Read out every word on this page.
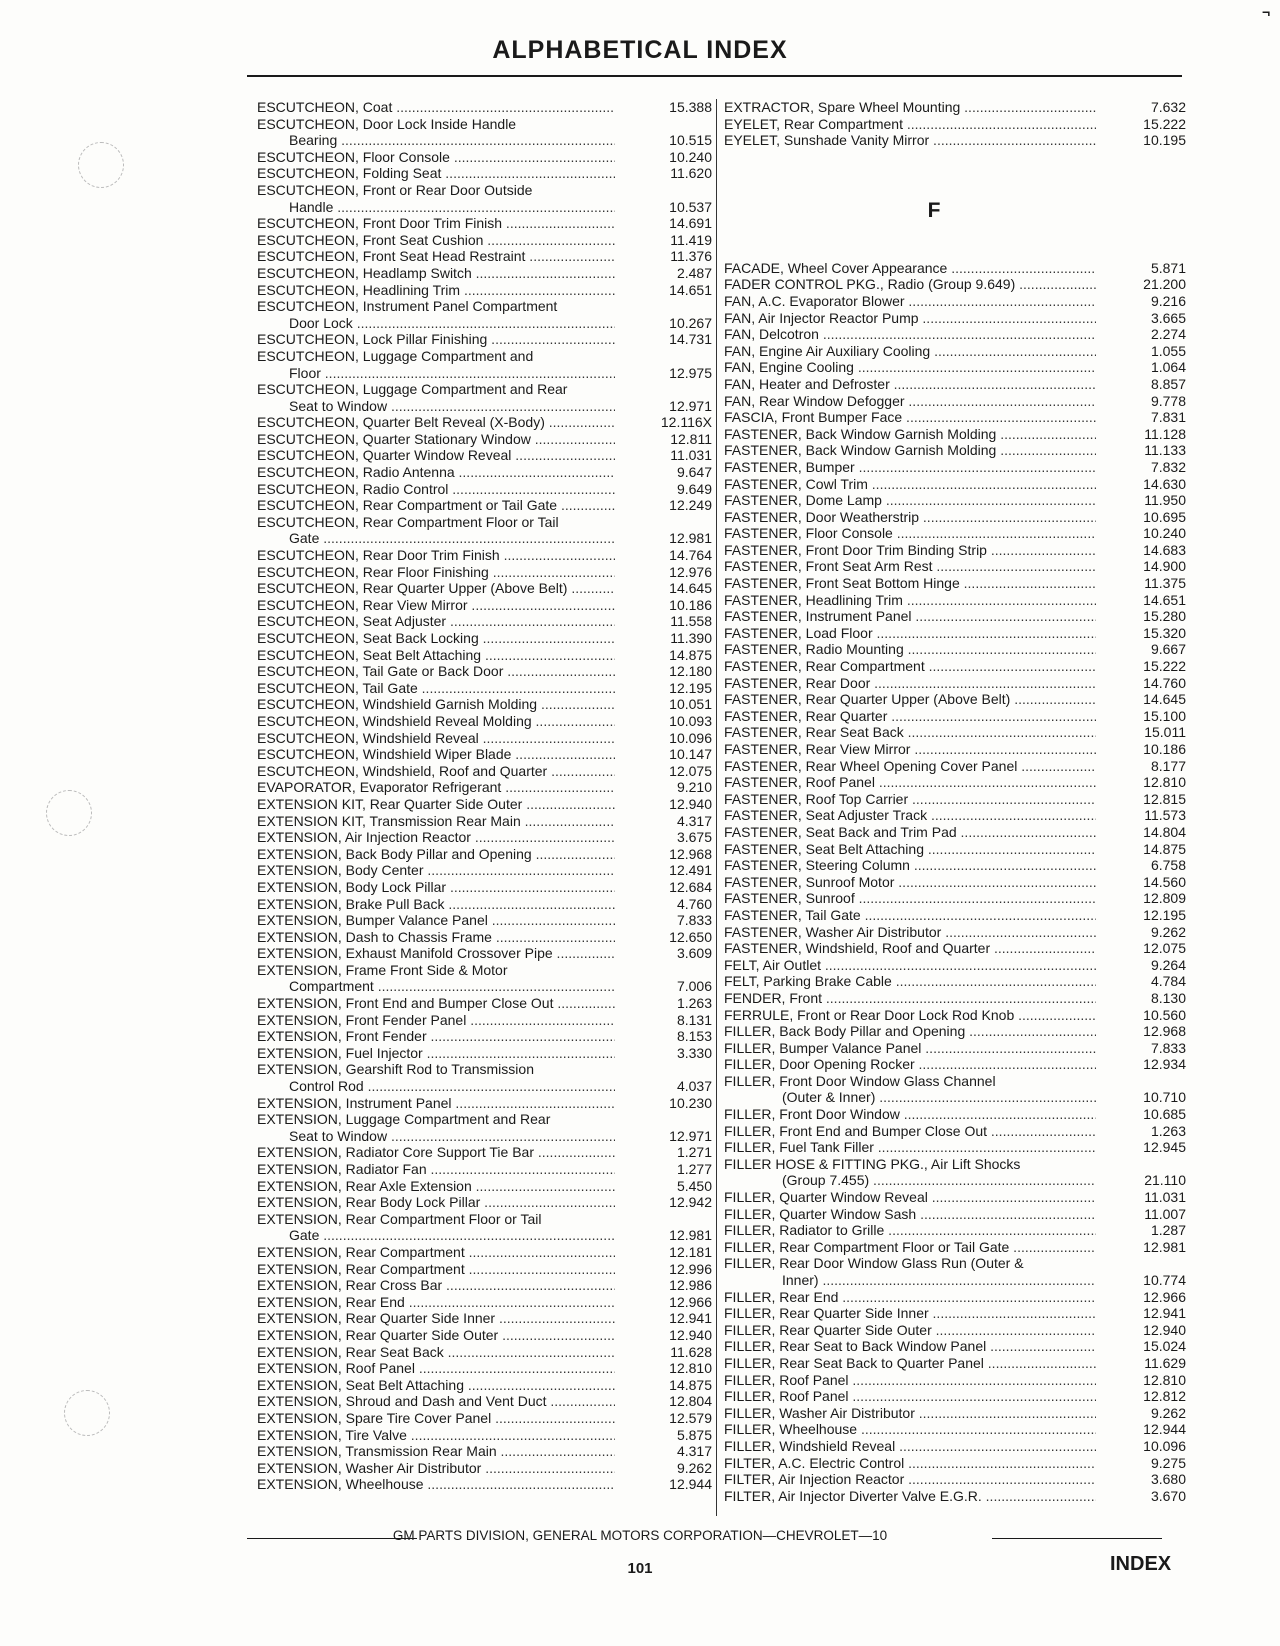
¬
ALPHABETICAL INDEX
ESCUTCHEON, Coat .....	15.388
ESCUTCHEON, Door Lock Inside Handle
Bearing .....	10.515
ESCUTCHEON, Floor Console .....	10.240
ESCUTCHEON, Folding Seat .....	11.620
ESCUTCHEON, Front or Rear Door Outside
Handle .....	10.537
ESCUTCHEON, Front Door Trim Finish .....	14.691
ESCUTCHEON, Front Seat Cushion .....	11.419
ESCUTCHEON, Front Seat Head Restraint .....	11.376
ESCUTCHEON, Headlamp Switch .....	2.487
ESCUTCHEON, Headlining Trim .....	14.651
ESCUTCHEON, Instrument Panel Compartment
Door Lock .....	10.267
ESCUTCHEON, Lock Pillar Finishing .....	14.731
ESCUTCHEON, Luggage Compartment and
Floor .....	12.975
ESCUTCHEON, Luggage Compartment and Rear
Seat to Window .....	12.971
ESCUTCHEON, Quarter Belt Reveal (X-Body) .....	12.116X
ESCUTCHEON, Quarter Stationary Window .....	12.811
ESCUTCHEON, Quarter Window Reveal .....	11.031
ESCUTCHEON, Radio Antenna .....	9.647
ESCUTCHEON, Radio Control .....	9.649
ESCUTCHEON, Rear Compartment or Tail Gate .....	12.249
ESCUTCHEON, Rear Compartment Floor or Tail
Gate .....	12.981
ESCUTCHEON, Rear Door Trim Finish .....	14.764
ESCUTCHEON, Rear Floor Finishing .....	12.976
ESCUTCHEON, Rear Quarter Upper (Above Belt) .....	14.645
ESCUTCHEON, Rear View Mirror .....	10.186
ESCUTCHEON, Seat Adjuster .....	11.558
ESCUTCHEON, Seat Back Locking .....	11.390
ESCUTCHEON, Seat Belt Attaching .....	14.875
ESCUTCHEON, Tail Gate or Back Door .....	12.180
ESCUTCHEON, Tail Gate .....	12.195
ESCUTCHEON, Windshield Garnish Molding .....	10.051
ESCUTCHEON, Windshield Reveal Molding .....	10.093
ESCUTCHEON, Windshield Reveal .....	10.096
ESCUTCHEON, Windshield Wiper Blade .....	10.147
ESCUTCHEON, Windshield, Roof and Quarter .....	12.075
EVAPORATOR, Evaporator Refrigerant .....	9.210
EXTENSION KIT, Rear Quarter Side Outer .....	12.940
EXTENSION KIT, Transmission Rear Main .....	4.317
EXTENSION, Air Injection Reactor .....	3.675
EXTENSION, Back Body Pillar and Opening .....	12.968
EXTENSION, Body Center .....	12.491
EXTENSION, Body Lock Pillar .....	12.684
EXTENSION, Brake Pull Back .....	4.760
EXTENSION, Bumper Valance Panel .....	7.833
EXTENSION, Dash to Chassis Frame .....	12.650
EXTENSION, Exhaust Manifold Crossover Pipe .....	3.609
EXTENSION, Frame Front Side & Motor
Compartment .....	7.006
EXTENSION, Front End and Bumper Close Out .....	1.263
EXTENSION, Front Fender Panel .....	8.131
EXTENSION, Front Fender .....	8.153
EXTENSION, Fuel Injector .....	3.330
EXTENSION, Gearshift Rod to Transmission
Control Rod .....	4.037
EXTENSION, Instrument Panel .....	10.230
EXTENSION, Luggage Compartment and Rear
Seat to Window .....	12.971
EXTENSION, Radiator Core Support Tie Bar .....	1.271
EXTENSION, Radiator Fan .....	1.277
EXTENSION, Rear Axle Extension .....	5.450
EXTENSION, Rear Body Lock Pillar .....	12.942
EXTENSION, Rear Compartment Floor or Tail
Gate .....	12.981
EXTENSION, Rear Compartment .....	12.181
EXTENSION, Rear Compartment .....	12.996
EXTENSION, Rear Cross Bar .....	12.986
EXTENSION, Rear End .....	12.966
EXTENSION, Rear Quarter Side Inner .....	12.941
EXTENSION, Rear Quarter Side Outer .....	12.940
EXTENSION, Rear Seat Back .....	11.628
EXTENSION, Roof Panel .....	12.810
EXTENSION, Seat Belt Attaching .....	14.875
EXTENSION, Shroud and Dash and Vent Duct .....	12.804
EXTENSION, Spare Tire Cover Panel .....	12.579
EXTENSION, Tire Valve .....	5.875
EXTENSION, Transmission Rear Main .....	4.317
EXTENSION, Washer Air Distributor .....	9.262
EXTENSION, Wheelhouse .....	12.944
EXTRACTOR, Spare Wheel Mounting .....	7.632
EYELET, Rear Compartment .....	15.222
EYELET, Sunshade Vanity Mirror .....	10.195
F
FACADE, Wheel Cover Appearance .....	5.871
FADER CONTROL PKG., Radio (Group 9.649) .....	21.200
FAN, A.C. Evaporator Blower .....	9.216
FAN, Air Injector Reactor Pump .....	3.665
FAN, Delcotron .....	2.274
FAN, Engine Air Auxiliary Cooling .....	1.055
FAN, Engine Cooling .....	1.064
FAN, Heater and Defroster .....	8.857
FAN, Rear Window Defogger .....	9.778
FASCIA, Front Bumper Face .....	7.831
FASTENER, Back Window Garnish Molding .....	11.128
FASTENER, Back Window Garnish Molding .....	11.133
FASTENER, Bumper .....	7.832
FASTENER, Cowl Trim .....	14.630
FASTENER, Dome Lamp .....	11.950
FASTENER, Door Weatherstrip .....	10.695
FASTENER, Floor Console .....	10.240
FASTENER, Front Door Trim Binding Strip .....	14.683
FASTENER, Front Seat Arm Rest .....	14.900
FASTENER, Front Seat Bottom Hinge .....	11.375
FASTENER, Headlining Trim .....	14.651
FASTENER, Instrument Panel .....	15.280
FASTENER, Load Floor .....	15.320
FASTENER, Radio Mounting .....	9.667
FASTENER, Rear Compartment .....	15.222
FASTENER, Rear Door .....	14.760
FASTENER, Rear Quarter Upper (Above Belt) .....	14.645
FASTENER, Rear Quarter .....	15.100
FASTENER, Rear Seat Back .....	15.011
FASTENER, Rear View Mirror .....	10.186
FASTENER, Rear Wheel Opening Cover Panel .....	8.177
FASTENER, Roof Panel .....	12.810
FASTENER, Roof Top Carrier .....	12.815
FASTENER, Seat Adjuster Track .....	11.573
FASTENER, Seat Back and Trim Pad .....	14.804
FASTENER, Seat Belt Attaching .....	14.875
FASTENER, Steering Column .....	6.758
FASTENER, Sunroof Motor .....	14.560
FASTENER, Sunroof .....	12.809
FASTENER, Tail Gate .....	12.195
FASTENER, Washer Air Distributor .....	9.262
FASTENER, Windshield, Roof and Quarter .....	12.075
FELT, Air Outlet .....	9.264
FELT, Parking Brake Cable .....	4.784
FENDER, Front .....	8.130
FERRULE, Front or Rear Door Lock Rod Knob .....	10.560
FILLER, Back Body Pillar and Opening .....	12.968
FILLER, Bumper Valance Panel .....	7.833
FILLER, Door Opening Rocker .....	12.934
FILLER, Front Door Window Glass Channel
(Outer & Inner) .....	10.710
FILLER, Front Door Window .....	10.685
FILLER, Front End and Bumper Close Out .....	1.263
FILLER, Fuel Tank Filler .....	12.945
FILLER HOSE & FITTING PKG., Air Lift Shocks
(Group 7.455) .....	21.110
FILLER, Quarter Window Reveal .....	11.031
FILLER, Quarter Window Sash .....	11.007
FILLER, Radiator to Grille .....	1.287
FILLER, Rear Compartment Floor or Tail Gate .....	12.981
FILLER, Rear Door Window Glass Run (Outer &
Inner) .....	10.774
FILLER, Rear End .....	12.966
FILLER, Rear Quarter Side Inner .....	12.941
FILLER, Rear Quarter Side Outer .....	12.940
FILLER, Rear Seat to Back Window Panel .....	15.024
FILLER, Rear Seat Back to Quarter Panel .....	11.629
FILLER, Roof Panel .....	12.810
FILLER, Roof Panel .....	12.812
FILLER, Washer Air Distributor .....	9.262
FILLER, Wheelhouse .....	12.944
FILLER, Windshield Reveal .....	10.096
FILTER, A.C. Electric Control .....	9.275
FILTER, Air Injection Reactor .....	3.680
FILTER, Air Injector Diverter Valve E.G.R. .....	3.670
GM PARTS DIVISION, GENERAL MOTORS CORPORATION—CHEVROLET—10
101	INDEX
